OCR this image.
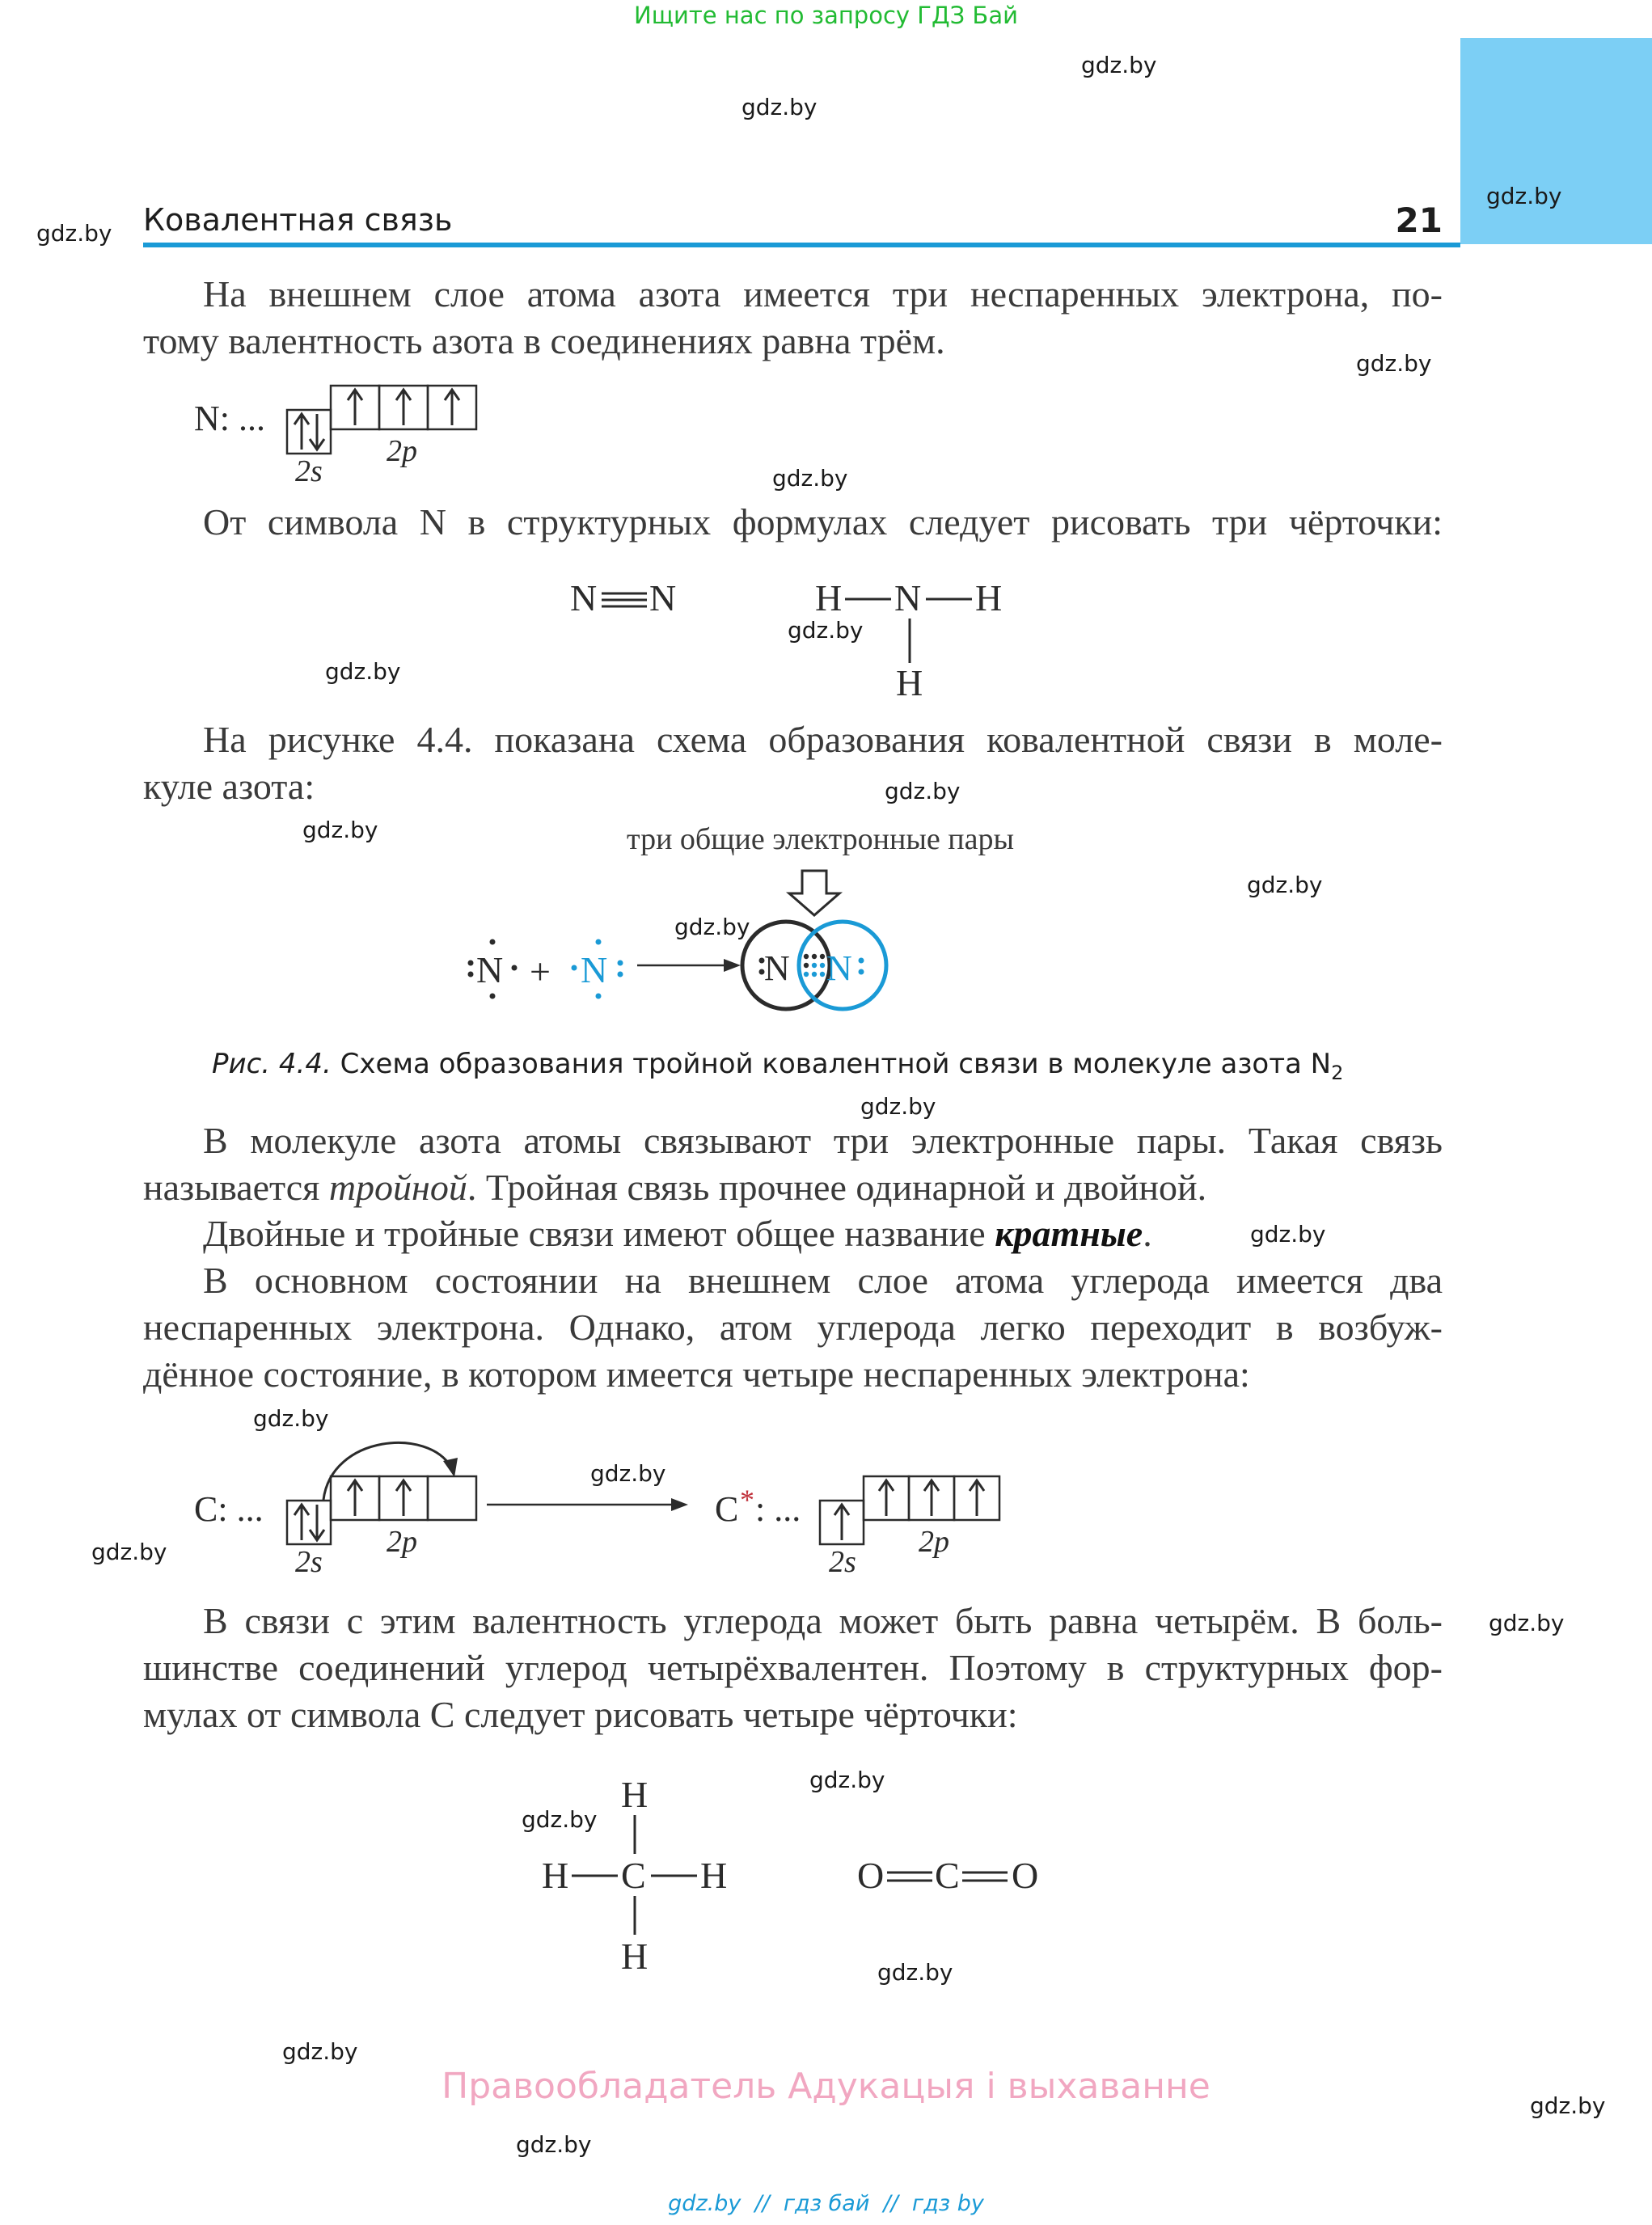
Ищите нас по запросу ГДЗ Бай
Ковалентная связь	21
На внешнем слое атома азота имеется три неспаренных электрона, по-
тому валентность азота в соединениях равна трём.
N: ...
2s
2p
От символа N в структурных формулах следует рисовать три чёрточки:
N N	H N H
H
На рисунке 4.4. показана схема образования ковалентной связи в моле-
куле азота:
три общие электронные пары
N + N	N N
Рис. 4.4. Схема образования тройной ковалентной связи в молекуле азота $N_2$
В молекуле азота атомы связывают три электронные пары. Такая связь
называется тройной. Тройная связь прочнее одинарной и двойной.
Двойные и тройные связи имеют общее название кратные.
В основном состоянии на внешнем слое атома углерода имеется два
неспаренных электрона. Однако, атом углерода легко переходит в возбуж-
дённое состояние, в котором имеется четыре неспаренных электрона:
C: ...
2s
2p
C * : ...
2s
2p
В связи с этим валентность углерода может быть равна четырём. В боль-
шинстве соединений углерод четырёхвалентен. Поэтому в структурных фор-
мулах от символа C следует рисовать четыре чёрточки:
H
H C H
H
O C O
Правообладатель Адукацыя і выхаванне
gdz.by  //  гдз бай  //  гдз by
gdz.by
gdz.by
gdz.by
gdz.by
gdz.by
gdz.by
gdz.by
gdz.by
gdz.by
gdz.by
gdz.by
gdz.by
gdz.by
gdz.by
gdz.by
gdz.by
gdz.by
gdz.by
gdz.by
gdz.by
gdz.by
gdz.by
gdz.by
gdz.by
